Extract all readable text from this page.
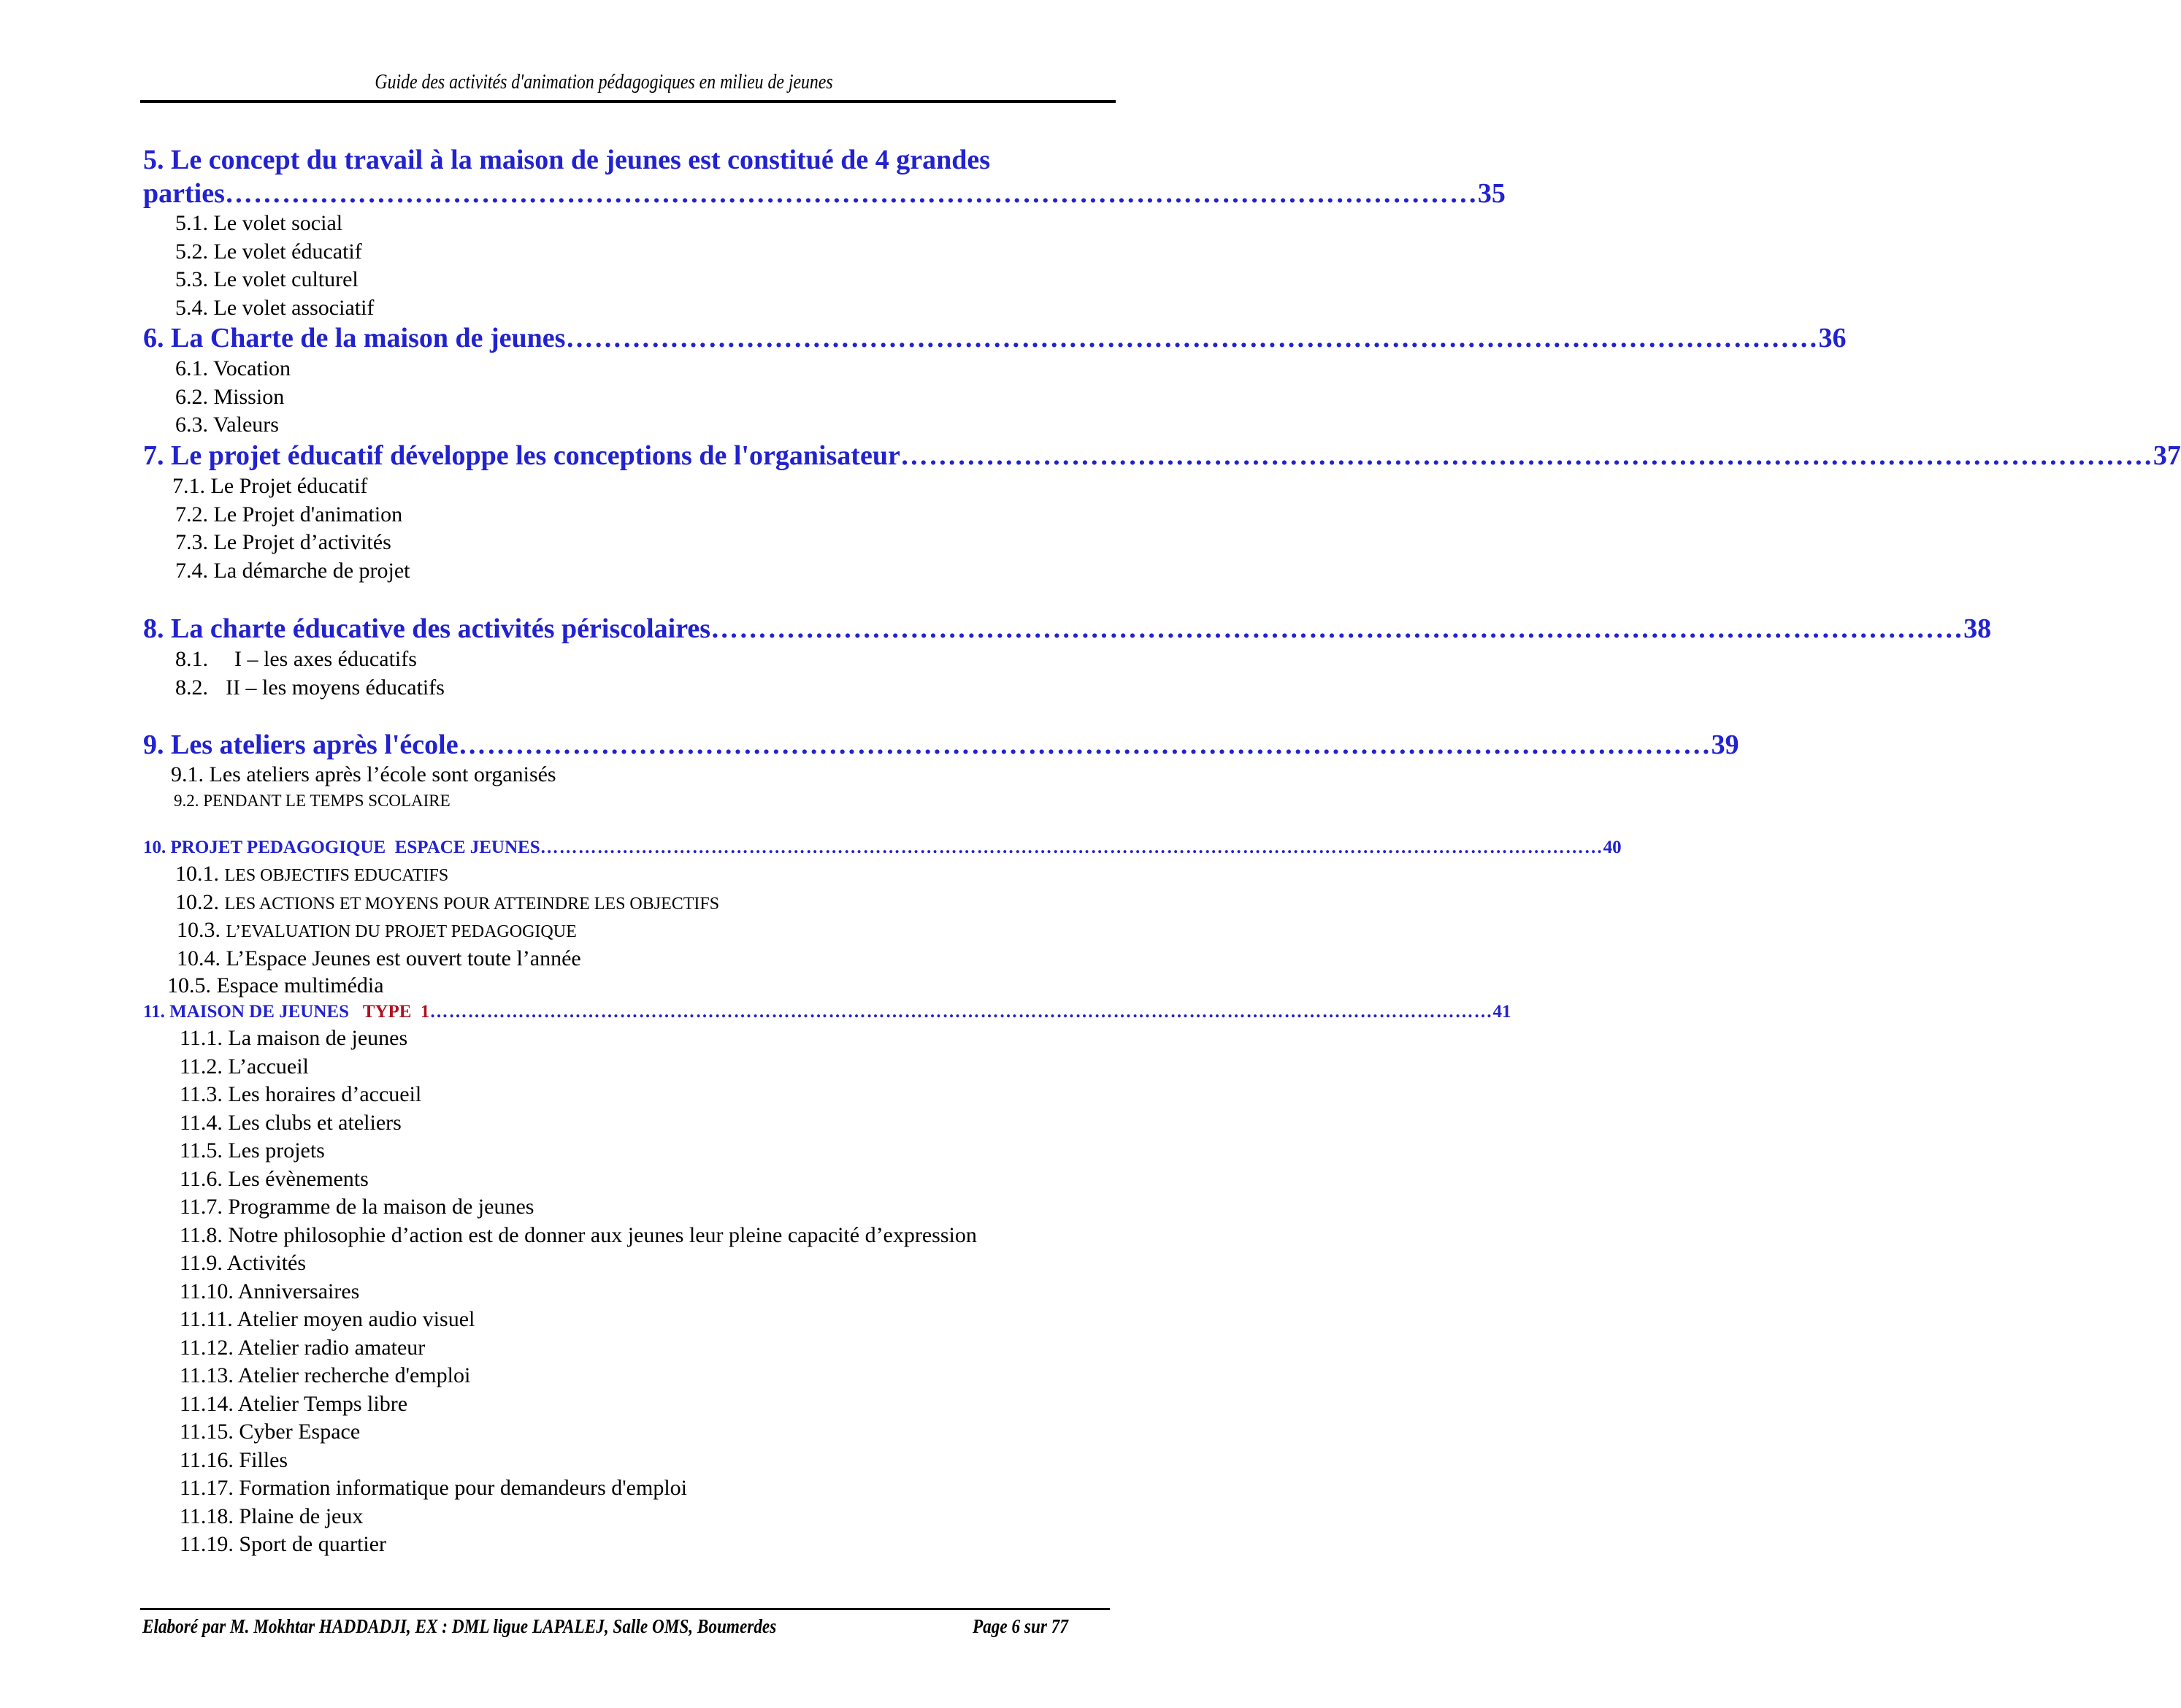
Guide des activités d'animation pédagogiques en milieu de jeunes
5. Le concept du travail à la maison de jeunes est constitué de 4 grandes
parties …………………………………………………………………………………………………………………… 35
5.1. Le volet social
5.2. Le volet éducatif
5.3. Le volet culturel
5.4. Le volet associatif
6. La Charte de la maison de jeunes …………………………………………………………………………………………………………………… 36
6.1. Vocation
6.2. Mission
6.3. Valeurs
7. Le projet éducatif développe les conceptions de l'organisateur …………………………………………………………………………………………………………………… 37
7.1. Le Projet éducatif
7.2. Le Projet d'animation
7.3. Le Projet d’activités
7.4. La démarche de projet
8. La charte éducative des activités périscolaires …………………………………………………………………………………………………………………… 38
8.1. I – les axes éducatifs
8.2. II – les moyens éducatifs
9. Les ateliers après l'école …………………………………………………………………………………………………………………… 39
9.1. Les ateliers après l’école sont organisés
9.2. PENDANT LE TEMPS SCOLAIRE
10. PROJET PEDAGOGIQUE  ESPACE JEUNES …………………………………………………………………………………………………………………………………………………… 40
10.1. LES OBJECTIFS EDUCATIFS
10.2. LES ACTIONS ET MOYENS POUR ATTEINDRE LES OBJECTIFS
10.3. L’EVALUATION DU PROJET PEDAGOGIQUE
10.4. L’Espace Jeunes est ouvert toute l’année
10.5. Espace multimédia
11. MAISON DE JEUNES TYPE  1 …………………………………………………………………………………………………………………………………………………… 41
11.1. La maison de jeunes
11.2. L’accueil
11.3. Les horaires d’accueil
11.4. Les clubs et ateliers
11.5. Les projets
11.6. Les évènements
11.7. Programme de la maison de jeunes
11.8. Notre philosophie d’action est de donner aux jeunes leur pleine capacité d’expression
11.9. Activités
11.10. Anniversaires
11.11. Atelier moyen audio visuel
11.12. Atelier radio amateur
11.13. Atelier recherche d'emploi
11.14. Atelier Temps libre
11.15. Cyber Espace
11.16. Filles
11.17. Formation informatique pour demandeurs d'emploi
11.18. Plaine de jeux
11.19. Sport de quartier
Elaboré par M. Mokhtar HADDADJI, EX : DML ligue LAPALEJ, Salle OMS, Boumerdes	Page 6 sur 77
